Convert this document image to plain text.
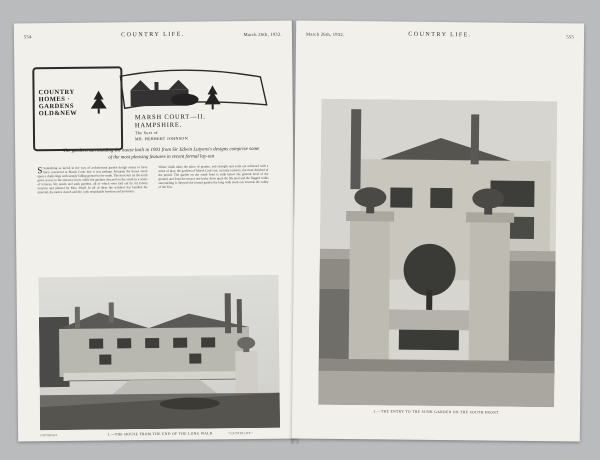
554	COUNTRY LIFE.	March 26th, 1932.
COUNTRY
HOMES ·
GARDENS
OLD&NEW	MARSH COURT—II.
HAMPSHIRE.
The Seat of
MR. HERBERT JOHNSON
The gardens surrounding the house built in 1901 from Sir Edwin Lutyens's designs comprise some of the most pleasing features in recent formal lay-out
S Something so lavish in the way of architectural garden design seems to have been conceived at Marsh Court that it was perhaps fortunate the house stood upon a chalk ridge with steeply falling ground to the south. The forecourt on the north gives access to the entrance front, while the gardens descend on the south in a series of terraces, lily ponds and sunk gardens, all of which were laid out by Sir Edwin Lutyens and planted by Miss Jekyll. In all of these the architect has handled his material, the native clunch and tile, with remarkable freedom and invention.
Where chalk takes the place of granite, and strength and scale are achieved with a sense of play, the gardens of Marsh Court are, in many respects, the most finished of the period. The garden on the south front is sunk below the general level of the ground, and from the terrace one looks down upon the lily pool and the flagged walks surrounding it. Beyond the formal garden the long walk leads out towards the valley of the Test.
1.—THE HOUSE FROM THE END OF THE LONG WALK
COPYRIGHT	"COUNTRY LIFE."
March 26th, 1932.	COUNTRY LIFE.	555
2.—THE ENTRY TO THE SUNK GARDEN ON THE SOUTH FRONT
